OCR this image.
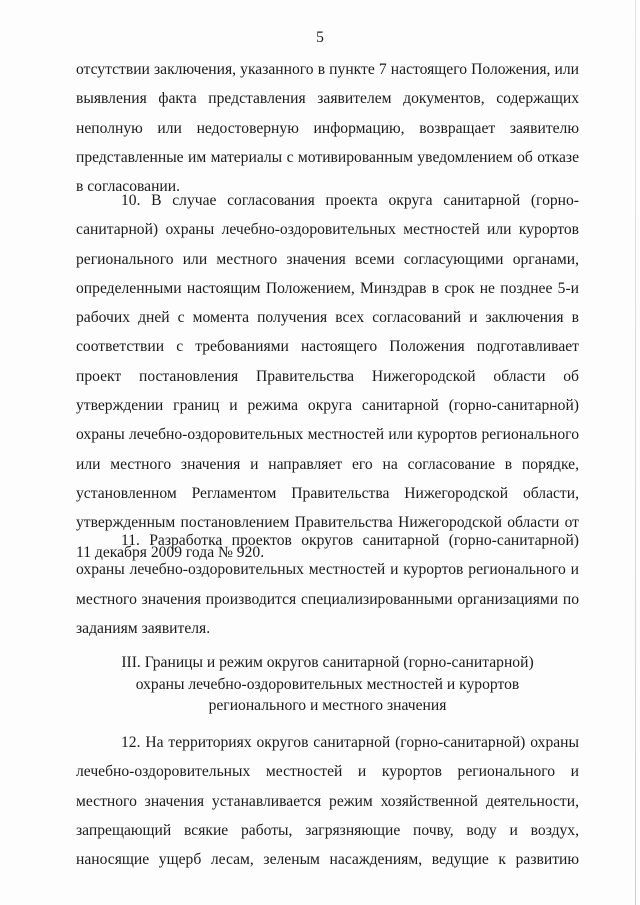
5
отсутствии заключения, указанного в пункте 7 настоящего Положения, или
выявления факта представления заявителем документов, содержащих
неполную или недостоверную информацию, возвращает заявителю
представленные им материалы с мотивированным уведомлением об отказе
в согласовании.
10. В случае согласования проекта округа санитарной (горно-
санитарной) охраны лечебно-оздоровительных местностей или курортов
регионального или местного значения всеми согласующими органами,
определенными настоящим Положением, Минздрав в срок не позднее 5-и
рабочих дней с момента получения всех согласований и заключения в
соответствии с требованиями настоящего Положения подготавливает
проект постановления Правительства Нижегородской области об
утверждении границ и режима округа санитарной (горно-санитарной)
охраны лечебно-оздоровительных местностей или курортов регионального
или местного значения и направляет его на согласование в порядке,
установленном Регламентом Правительства Нижегородской области,
утвержденным постановлением Правительства Нижегородской области от
11 декабря 2009 года № 920.
11. Разработка проектов округов санитарной (горно-санитарной)
охраны лечебно-оздоровительных местностей и курортов регионального и
местного значения производится специализированными организациями по
заданиям заявителя.
III. Границы и режим округов санитарной (горно-санитарной)
охраны лечебно-оздоровительных местностей и курортов
регионального и местного значения
12. На территориях округов санитарной (горно-санитарной) охраны
лечебно-оздоровительных местностей и курортов регионального и
местного значения устанавливается режим хозяйственной деятельности,
запрещающий всякие работы, загрязняющие почву, воду и воздух,
наносящие ущерб лесам, зеленым насаждениям, ведущие к развитию
